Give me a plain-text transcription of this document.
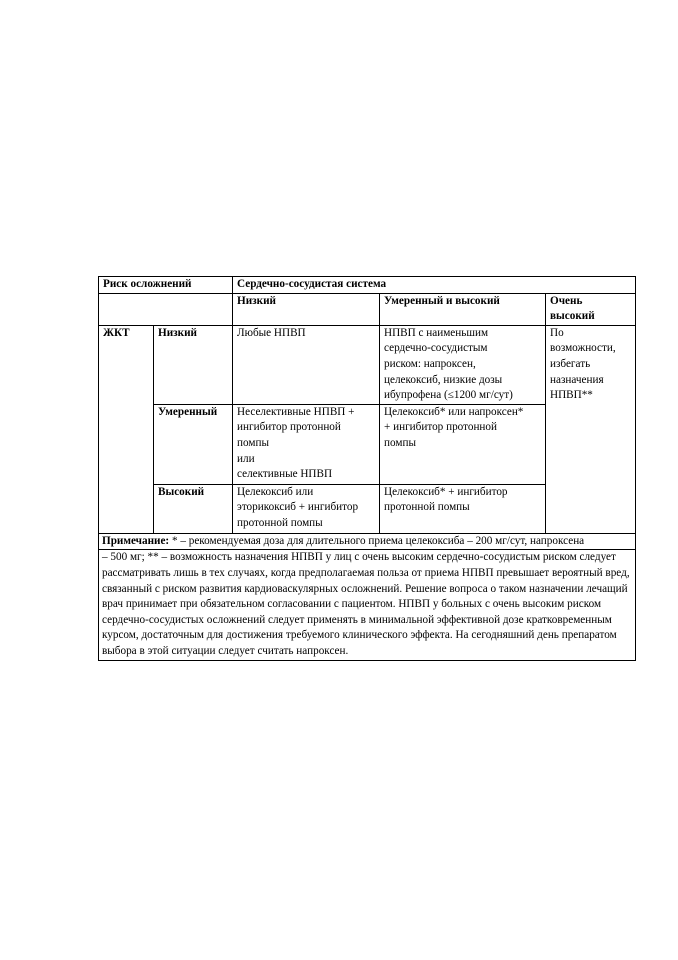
Риск осложнений		Сердечно-сосудистая система		
		Низкий	Умеренный и высокий	Очень
высокий

ЖКТ	Низкий	Любые НПВП	НПВП с наименьшим
сердечно-сосудистым
риском: напроксен,
целекоксиб, низкие дозы
ибупрофена (≤1200 мг/сут)	По
возможности,
избегать
назначения
НПВП**

	Умеренный	Неселективные НПВП +
ингибитор протонной
помпы
или
селективные НПВП	Целекоксиб* или напроксен*
+ ингибитор протонной
помпы	

	Высокий	Целекоксиб или
эторикоксиб + ингибитор
протонной помпы	Целекоксиб* + ингибитор
протонной помпы	

Примечание: * – рекомендуемая доза для длительного приема целекоксиба – 200 мг/сут, напроксена				
– 500 мг; ** – возможность назначения НПВП у лиц с очень высоким сердечно-сосудистым риском следует рассматривать лишь в тех случаях, когда предполагаемая польза от приема НПВП превышает вероятный вред, связанный с риском развития кардиоваскулярных осложнений. Решение вопроса о таком назначении лечащий врач принимает при обязательном согласовании с пациентом. НПВП у больных с очень высоким риском сердечно-сосудистых осложнений следует применять в минимальной эффективной дозе кратковременным курсом, достаточным для достижения требуемого клинического эффекта. На сегодняшний день препаратом выбора в этой ситуации следует считать напроксен.				
